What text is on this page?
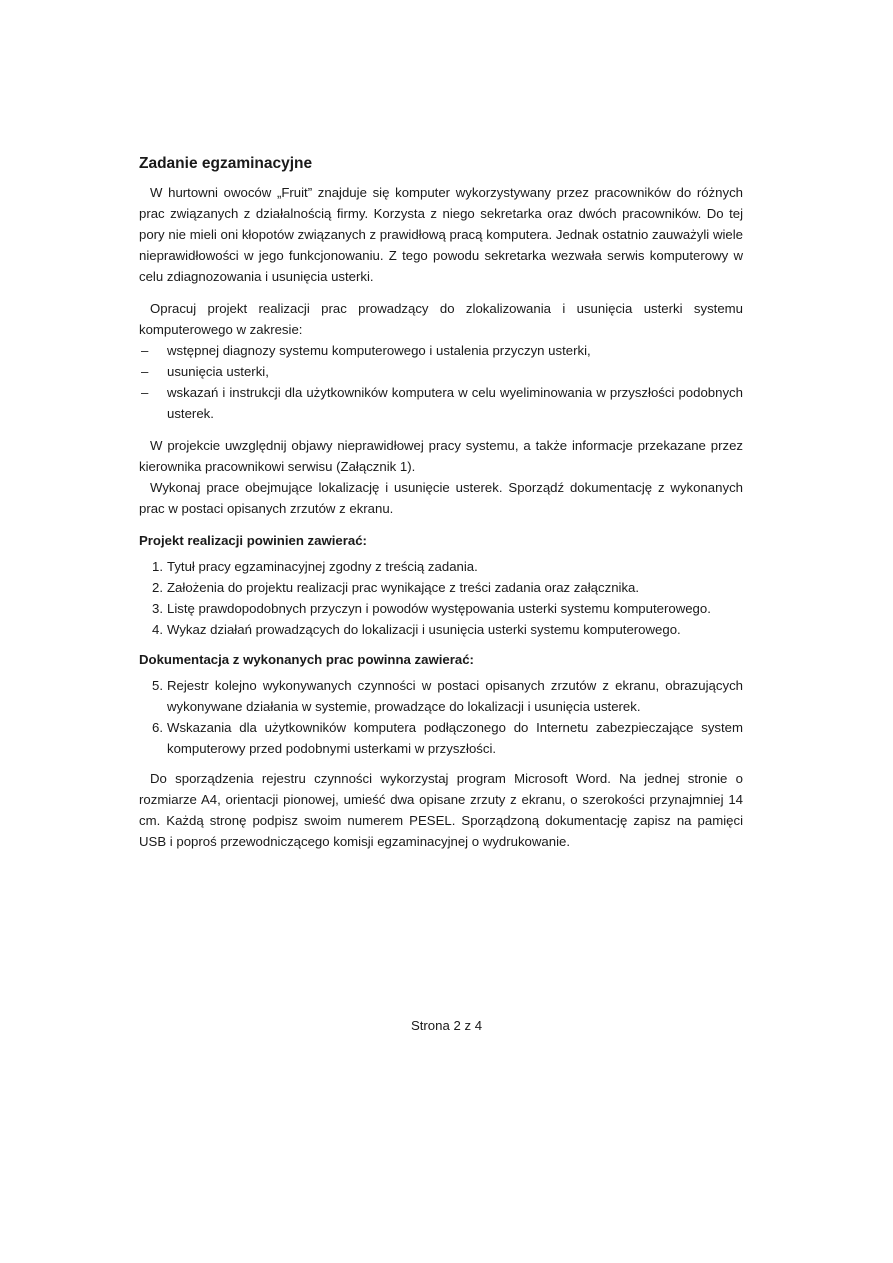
Zadanie egzaminacyjne

W hurtowni owoców „Fruit” znajduje się komputer wykorzystywany przez pracowników do różnych prac związanych z działalnością firmy. Korzysta z niego sekretarka oraz dwóch pracowników. Do tej pory nie mieli oni kłopotów związanych z prawidłową pracą komputera. Jednak ostatnio zauważyli wiele nieprawidłowości w jego funkcjonowaniu. Z tego powodu sekretarka wezwała serwis komputerowy w celu zdiagnozowania i usunięcia usterki.

Opracuj projekt realizacji prac prowadzący do zlokalizowania i usunięcia usterki systemu komputerowego w zakresie:

– wstępnej diagnozy systemu komputerowego i ustalenia przyczyn usterki,
– usunięcia usterki,
– wskazań i instrukcji dla użytkowników komputera w celu wyeliminowania w przyszłości podobnych usterek.

W projekcie uwzględnij objawy nieprawidłowej pracy systemu, a także informacje przekazane przez kierownika pracownikowi serwisu (Załącznik 1).

Wykonaj prace obejmujące lokalizację i usunięcie usterek. Sporządź dokumentację z wykonanych prac w postaci opisanych zrzutów z ekranu.

Projekt realizacji powinien zawierać:
1. Tytuł pracy egzaminacyjnej zgodny z treścią zadania.
2. Założenia do projektu realizacji prac wynikające z treści zadania oraz załącznika.
3. Listę prawdopodobnych przyczyn i powodów występowania usterki systemu komputerowego.
4. Wykaz działań prowadzących do lokalizacji i usunięcia usterki systemu komputerowego.
Dokumentacja z wykonanych prac powinna zawierać:
5. Rejestr kolejno wykonywanych czynności w postaci opisanych zrzutów z ekranu, obrazujących wykonywane działania w systemie, prowadzące do lokalizacji i usunięcia usterek.
6. Wskazania dla użytkowników komputera podłączonego do Internetu zabezpieczające system komputerowy przed podobnymi usterkami w przyszłości.

Do sporządzenia rejestru czynności wykorzystaj program Microsoft Word. Na jednej stronie o rozmiarze A4, orientacji pionowej, umieść dwa opisane zrzuty z ekranu, o szerokości przynajmniej 14 cm. Każdą stronę podpisz swoim numerem PESEL. Sporządzoną dokumentację zapisz na pamięci USB i poproś przewodniczącego komisji egzaminacyjnej o wydrukowanie.

Strona 2 z 4
